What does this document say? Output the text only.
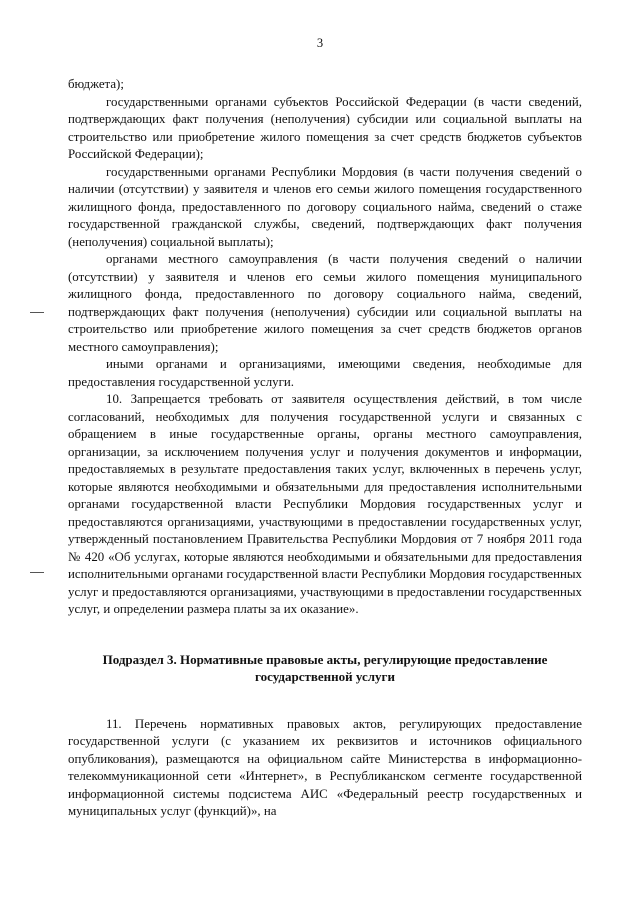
3

бюджета);

государственными органами субъектов Российской Федерации (в части сведений, подтверждающих факт получения (неполучения) субсидии или социальной выплаты на строительство или приобретение жилого помещения за счет средств бюджетов субъектов Российской Федерации);

государственными органами Республики Мордовия (в части получения сведений о наличии (отсутствии) у заявителя и членов его семьи жилого помещения государственного жилищного фонда, предоставленного по договору социального найма, сведений о стаже государственной гражданской службы, сведений, подтверждающих факт получения (неполучения) социальной выплаты);

органами местного самоуправления (в части получения сведений о наличии (отсутствии) у заявителя и членов его семьи жилого помещения муниципального жилищного фонда, предоставленного по договору социального найма, сведений, подтверждающих факт получения (неполучения) субсидии или социальной выплаты на строительство или приобретение жилого помещения за счет средств бюджетов органов местного самоуправления);

иными органами и организациями, имеющими сведения, необходимые для предоставления государственной услуги.

10. Запрещается требовать от заявителя осуществления действий, в том числе согласований, необходимых для получения государственной услуги и связанных с обращением в иные государственные органы, органы местного самоуправления, организации, за исключением получения услуг и получения документов и информации, предоставляемых в результате предоставления таких услуг, включенных в перечень услуг, которые являются необходимыми и обязательными для предоставления исполнительными органами государственной власти Республики Мордовия государственных услуг и предоставляются организациями, участвующими в предоставлении государственных услуг, утвержденный постановлением Правительства Республики Мордовия от 7 ноября 2011 года № 420 «Об услугах, которые являются необходимыми и обязательными для предоставления исполнительными органами государственной власти Республики Мордовия государственных услуг и предоставляются организациями, участвующими в предоставлении государственных услуг, и определении размера платы за их оказание».

Подраздел 3. Нормативные правовые акты, регулирующие предоставление государственной услуги

11. Перечень нормативных правовых актов, регулирующих предоставление государственной услуги (с указанием их реквизитов и источников официального опубликования), размещаются на официальном сайте Министерства в информационно-телекоммуникационной сети «Интернет», в Республиканском сегменте государственной информационной системы подсистема АИС «Федеральный реестр государственных и муниципальных услуг (функций)», на
